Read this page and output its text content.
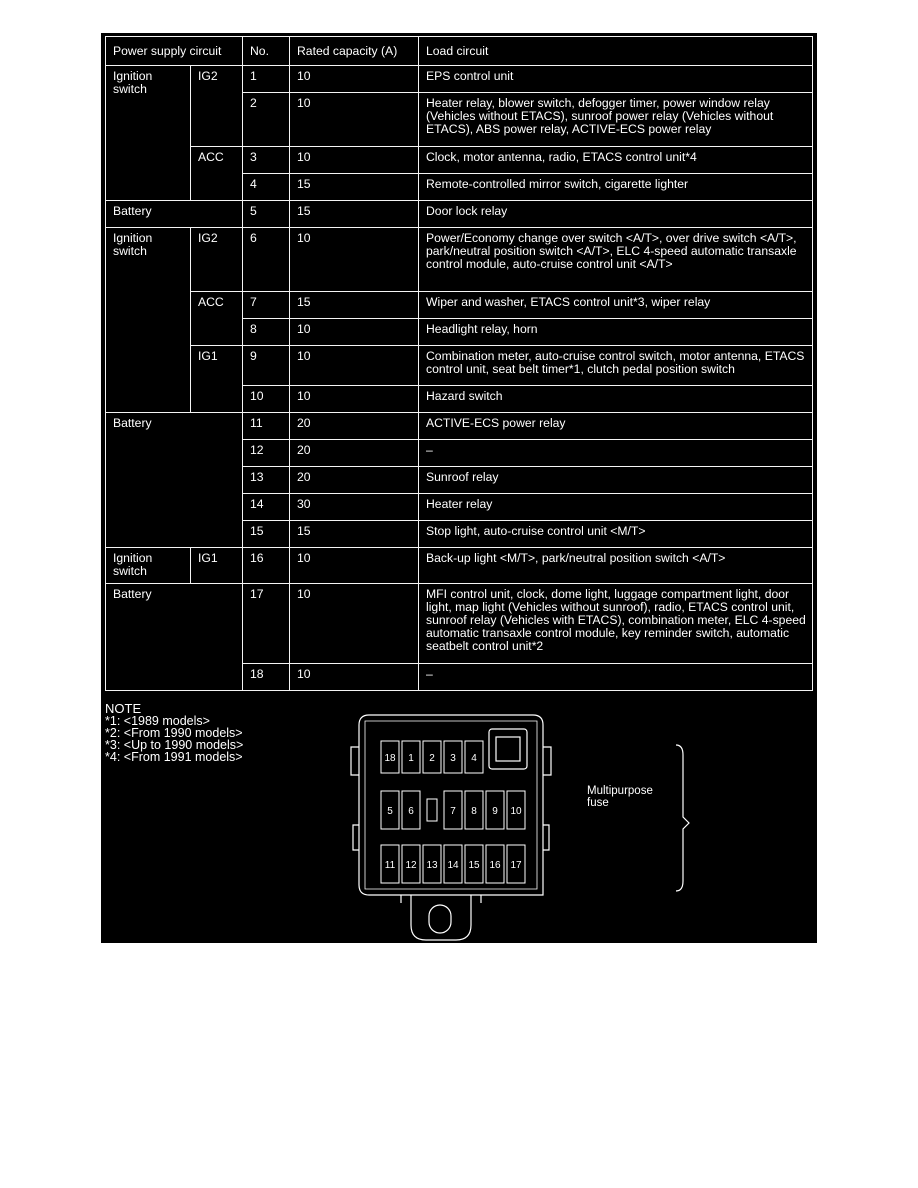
Power supply circuit		No.	Rated capacity (A)	Load circuit
Ignition switch	IG2	1	10	EPS control unit
		2	10	Heater relay, blower switch, defogger timer, power window relay (Vehicles without ETACS), sunroof power relay (Vehicles without ETACS), ABS power relay, ACTIVE-ECS power relay
	ACC	3	10	Clock, motor antenna, radio, ETACS control unit*4
		4	15	Remote-controlled mirror switch, cigarette lighter
Battery		5	15	Door lock relay
Ignition switch	IG2	6	10	Power/Economy change over switch <A/T>, over drive switch <A/T>, park/neutral position switch <A/T>, ELC 4-speed automatic transaxle control module, auto-cruise control unit <A/T>
	ACC	7	15	Wiper and washer, ETACS control unit*3, wiper relay
		8	10	Headlight relay, horn
	IG1	9	10	Combination meter, auto-cruise control switch, motor antenna, ETACS control unit, seat belt timer*1, clutch pedal position switch
		10	10	Hazard switch
Battery		11	20	ACTIVE-ECS power relay
		12	20	–
		13	20	Sunroof relay
		14	30	Heater relay
		15	15	Stop light, auto-cruise control unit <M/T>
Ignition switch	IG1	16	10	Back-up light <M/T>, park/neutral position switch <A/T>
Battery		17	10	MFI control unit, clock, dome light, luggage compartment light, door light, map light (Vehicles without sunroof), radio, ETACS control unit, sunroof relay (Vehicles with ETACS), combination meter, ELC 4-speed automatic transaxle control module, key reminder switch, automatic seatbelt control unit*2
		18	10	–
NOTE
*1: <1989 models>
*2: <From 1990 models>
*3: <Up to 1990 models>
*4: <From 1991 models>	18 1 2 3 4
5 6	7 8 9 10
11 12 13 14 15 16 17
Multipurpose fuse
